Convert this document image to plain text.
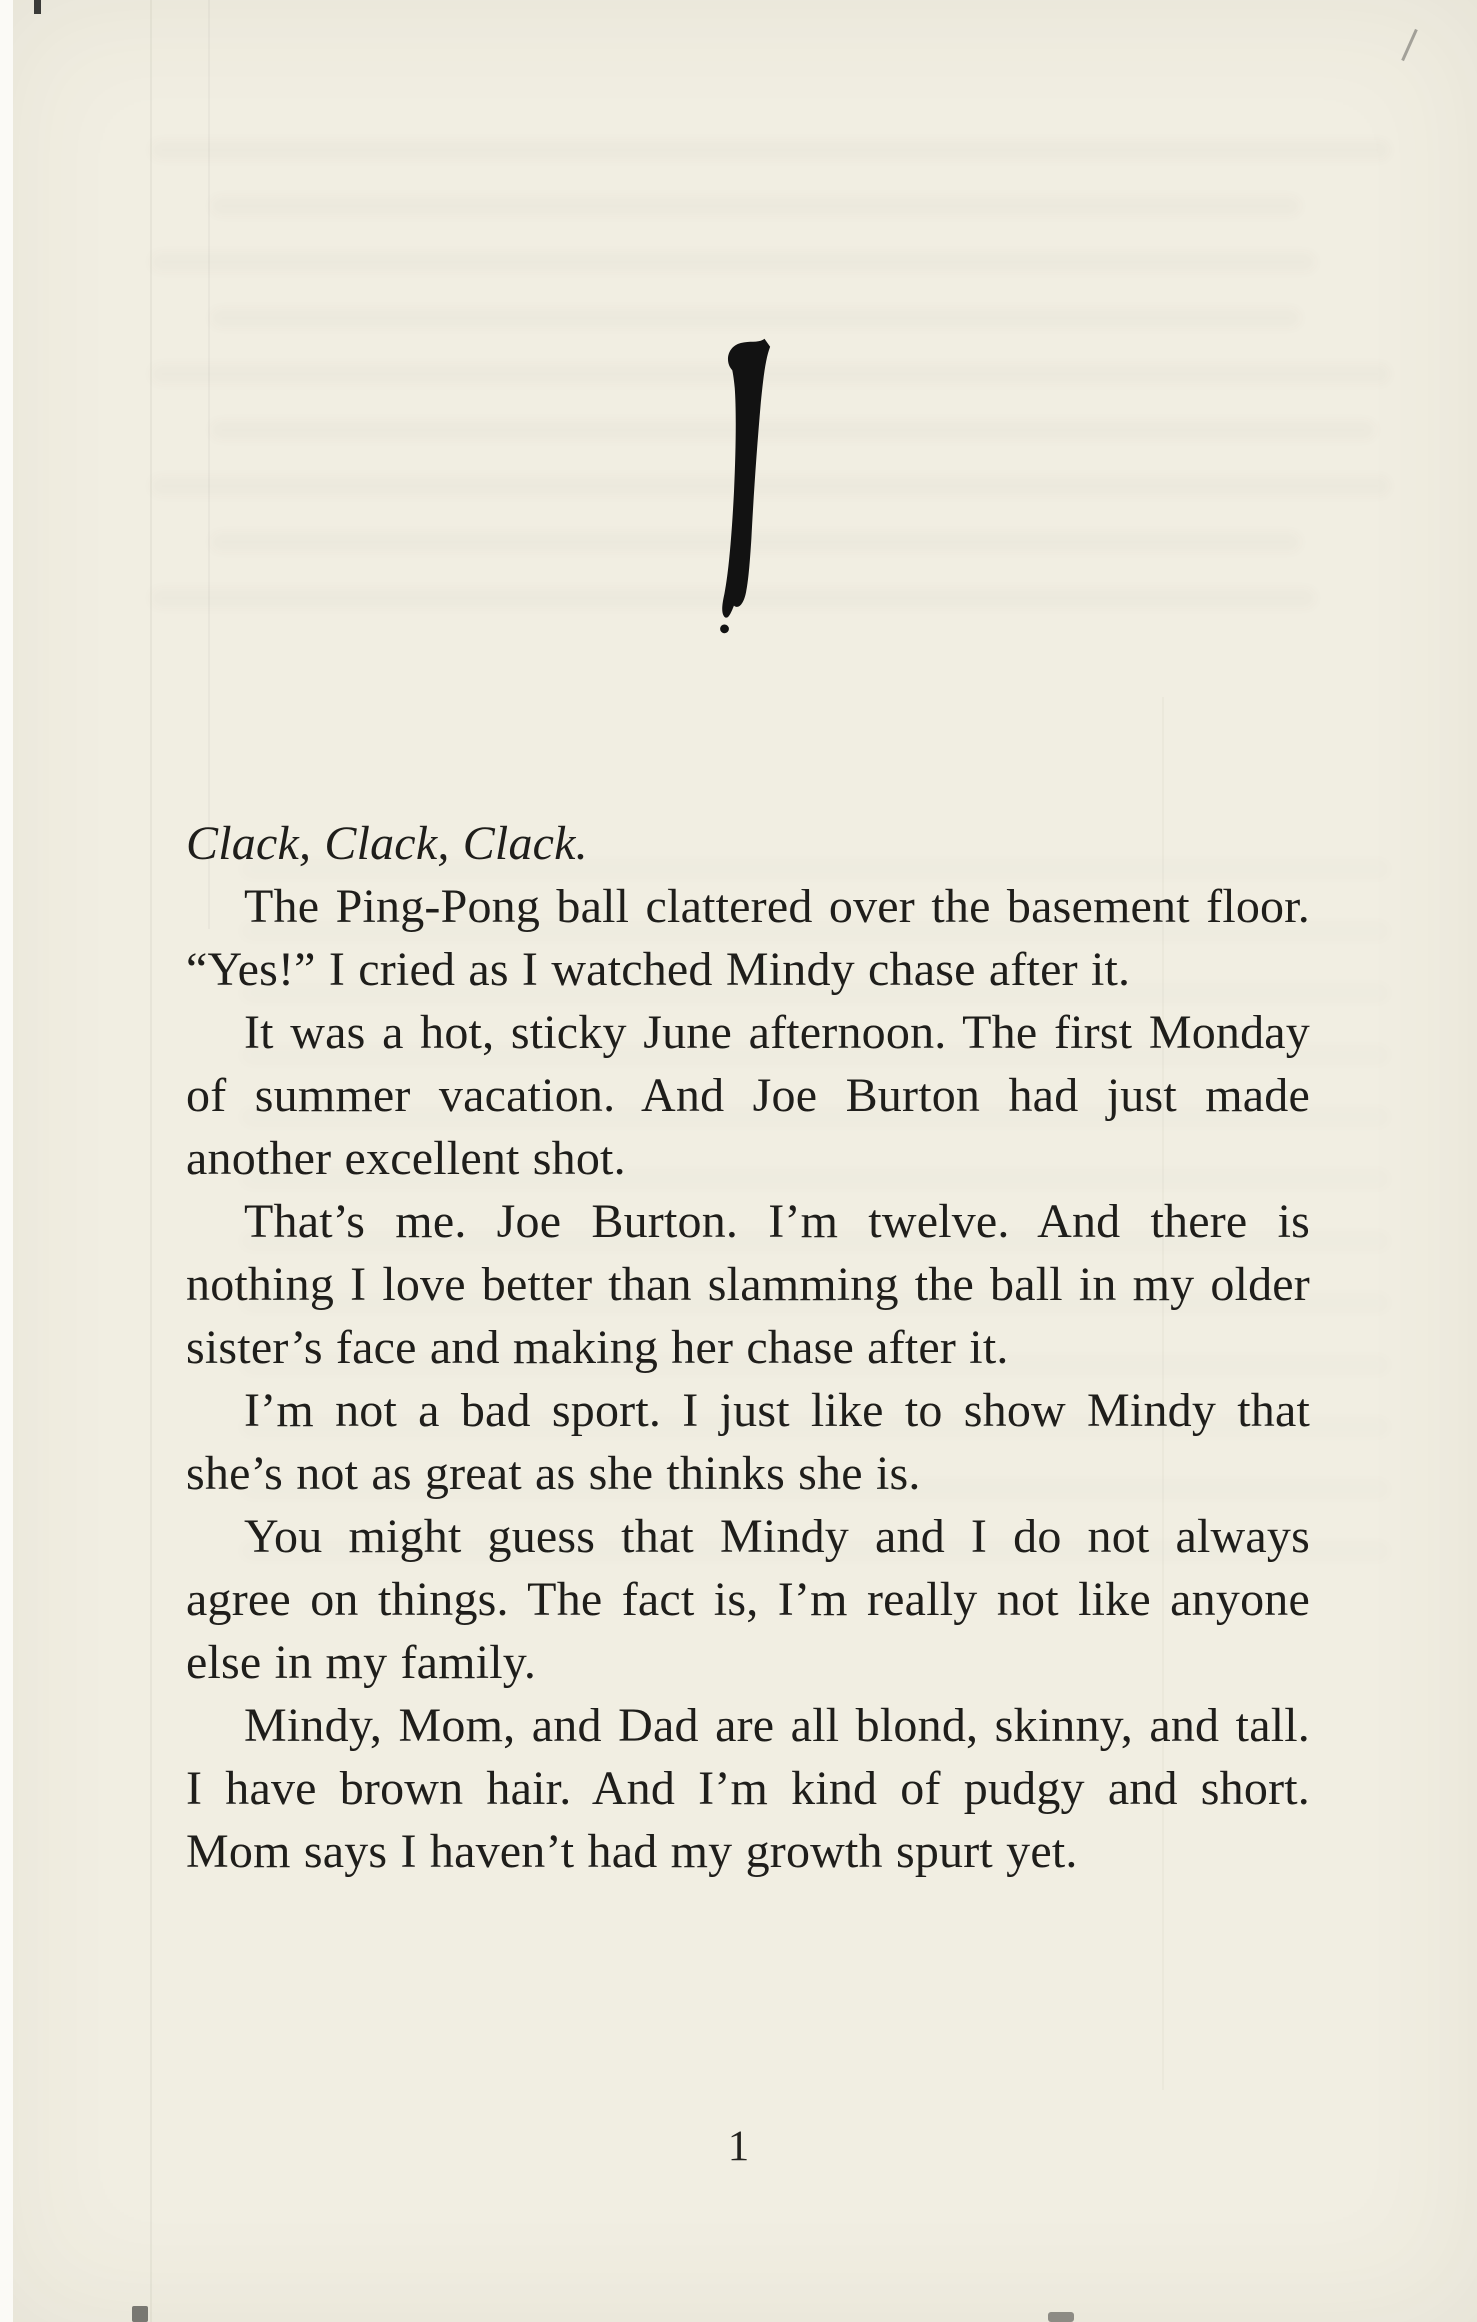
Clack, Clack, Clack.

The Ping-Pong ball clattered over the basement floor. “Yes!” I cried as I watched Mindy chase after it.

It was a hot, sticky June afternoon. The first Monday of summer vacation. And Joe Burton had just made another excellent shot.

That’s me. Joe Burton. I’m twelve. And there is nothing I love better than slamming the ball in my older sister’s face and making her chase after it.

I’m not a bad sport. I just like to show Mindy that she’s not as great as she thinks she is.

You might guess that Mindy and I do not always agree on things. The fact is, I’m really not like anyone else in my family.

Mindy, Mom, and Dad are all blond, skinny, and tall. I have brown hair. And I’m kind of pudgy and short. Mom says I haven’t had my growth spurt yet.

1
